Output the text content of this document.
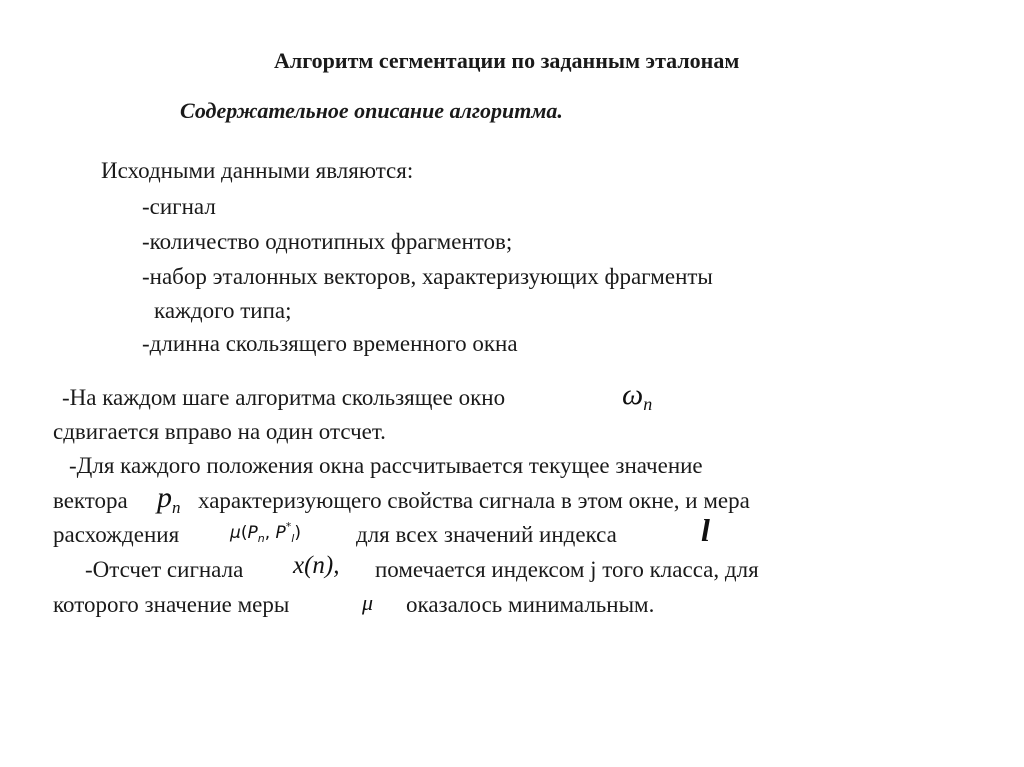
Алгоритм сегментации по заданным эталонам
Содержательное описание алгоритма.
Исходными данными являются:
-сигнал
-количество однотипных фрагментов;
-набор эталонных векторов, характеризующих фрагменты
каждого типа;
-длинна скользящего временного окна
-На каждом шаге алгоритма скользящее окно	ωn
сдвигается вправо на один отсчет.
-Для каждого положения окна рассчитывается текущее значение
вектора pn характеризующего свойства сигнала в этом окне, и мера
расхождения	$\mu(P_n$, $P^*_l$) для всех значений индекса	l
-Отсчет сигнала x(n), помечается индексом j того класса, для
которого значение меры	μ оказалось минимальным.
